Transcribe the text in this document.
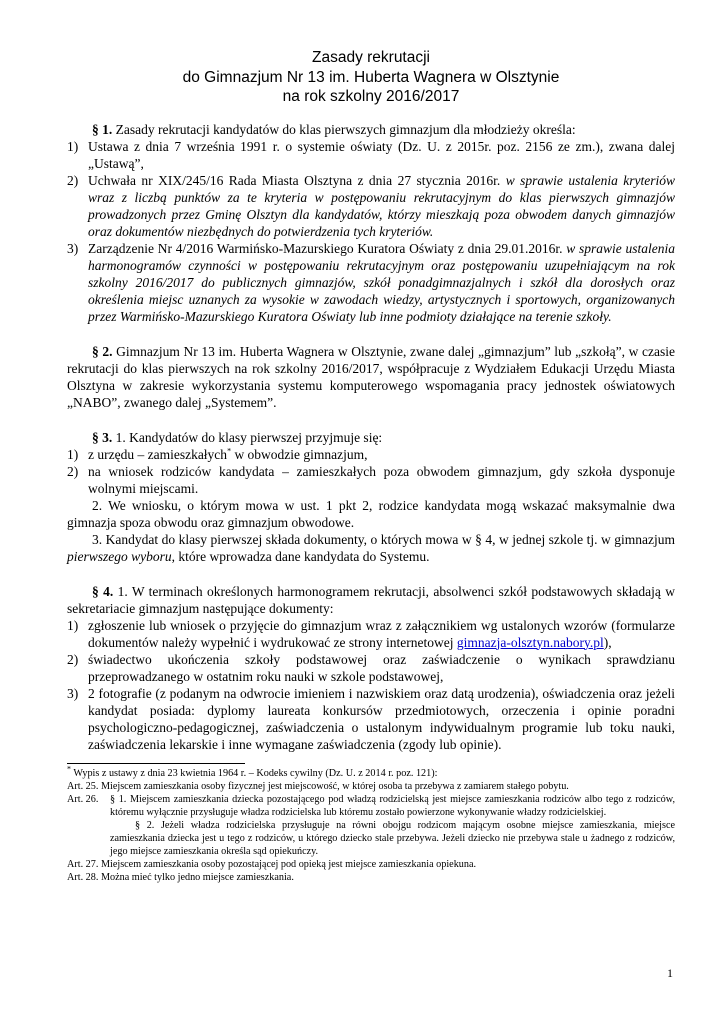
Zasady rekrutacji

do Gimnazjum Nr 13 im. Huberta Wagnera w Olsztynie

na rok szkolny 2016/2017

§ 1. Zasady rekrutacji kandydatów do klas pierwszych gimnazjum dla młodzieży określa:

1) Ustawa z dnia 7 września 1991 r. o systemie oświaty (Dz. U. z 2015r. poz. 2156 ze zm.), zwana dalej „Ustawą”,
2) Uchwała nr XIX/245/16 Rada Miasta Olsztyna z dnia 27 stycznia 2016r. w sprawie ustalenia kryteriów wraz z liczbą punktów za te kryteria w postępowaniu rekrutacyjnym do klas pierwszych gimnazjów prowadzonych przez Gminę Olsztyn dla kandydatów, którzy mieszkają poza obwodem danych gimnazjów oraz dokumentów niezbędnych do potwierdzenia tych kryteriów.
3) Zarządzenie Nr 4/2016 Warmińsko-Mazurskiego Kuratora Oświaty z dnia 29.01.2016r. w sprawie ustalenia harmonogramów czynności w postępowaniu rekrutacyjnym oraz postępowaniu uzupełniającym na rok szkolny 2016/2017 do publicznych gimnazjów, szkół ponadgimnazjalnych i szkół dla dorosłych oraz określenia miejsc uznanych za wysokie w zawodach wiedzy, artystycznych i sportowych, organizowanych przez Warmińsko-Mazurskiego Kuratora Oświaty lub inne podmioty działające na terenie szkoły.

§ 2. Gimnazjum Nr 13 im. Huberta Wagnera w Olsztynie, zwane dalej „gimnazjum” lub „szkołą”, w czasie rekrutacji do klas pierwszych na rok szkolny 2016/2017, współpracuje z Wydziałem Edukacji Urzędu Miasta Olsztyna w zakresie wykorzystania systemu komputerowego wspomagania pracy jednostek oświatowych „NABO”, zwanego dalej „Systemem”.

§ 3. 1. Kandydatów do klasy pierwszej przyjmuje się:

1) z urzędu – zamieszkałych* w obwodzie gimnazjum,
2) na wniosek rodziców kandydata – zamieszkałych poza obwodem gimnazjum, gdy szkoła dysponuje wolnymi miejscami.

2. We wniosku, o którym mowa w ust. 1 pkt 2, rodzice kandydata mogą wskazać maksymalnie dwa gimnazja spoza obwodu oraz gimnazjum obwodowe.

3. Kandydat do klasy pierwszej składa dokumenty, o których mowa w § 4, w jednej szkole tj. w gimnazjum pierwszego wyboru, które wprowadza dane kandydata do Systemu.

§ 4. 1. W terminach określonych harmonogramem rekrutacji, absolwenci szkół podstawowych składają w sekretariacie gimnazjum następujące dokumenty:

1) zgłoszenie lub wniosek o przyjęcie do gimnazjum wraz z załącznikiem wg ustalonych wzorów (formularze dokumentów należy wypełnić i wydrukować ze strony internetowej gimnazja-olsztyn.nabory.pl),
2) świadectwo ukończenia szkoły podstawowej oraz zaświadczenie o wynikach sprawdzianu przeprowadzanego w ostatnim roku nauki w szkole podstawowej,
3) 2 fotografie (z podanym na odwrocie imieniem i nazwiskiem oraz datą urodzenia), oświadczenia oraz jeżeli kandydat posiada: dyplomy laureata konkursów przedmiotowych, orzeczenia i opinie poradni psychologiczno-pedagogicznej, zaświadczenia o ustalonym indywidualnym programie lub toku nauki, zaświadczenia lekarskie i inne wymagane zaświadczenia (zgody lub opinie).
* Wypis z ustawy z dnia 23 kwietnia 1964 r. – Kodeks cywilny (Dz. U. z 2014 r. poz. 121):
Art. 25. Miejscem zamieszkania osoby fizycznej jest miejscowość, w której osoba ta przebywa z zamiarem stałego pobytu.
Art. 26.	§ 1. Miejscem zamieszkania dziecka pozostającego pod władzą rodzicielską jest miejsce zamieszkania rodziców albo tego z rodziców, któremu wyłącznie przysługuje władza rodzicielska lub któremu zostało powierzone wykonywanie władzy rodzicielskiej.
§ 2. Jeżeli władza rodzicielska przysługuje na równi obojgu rodzicom mającym osobne miejsce zamieszkania, miejsce zamieszkania dziecka jest u tego z rodziców, u którego dziecko stale przebywa. Jeżeli dziecko nie przebywa stale u żadnego z rodziców, jego miejsce zamieszkania określa sąd opiekuńczy.
Art. 27. Miejscem zamieszkania osoby pozostającej pod opieką jest miejsce zamieszkania opiekuna.
Art. 28. Można mieć tylko jedno miejsce zamieszkania.
1
